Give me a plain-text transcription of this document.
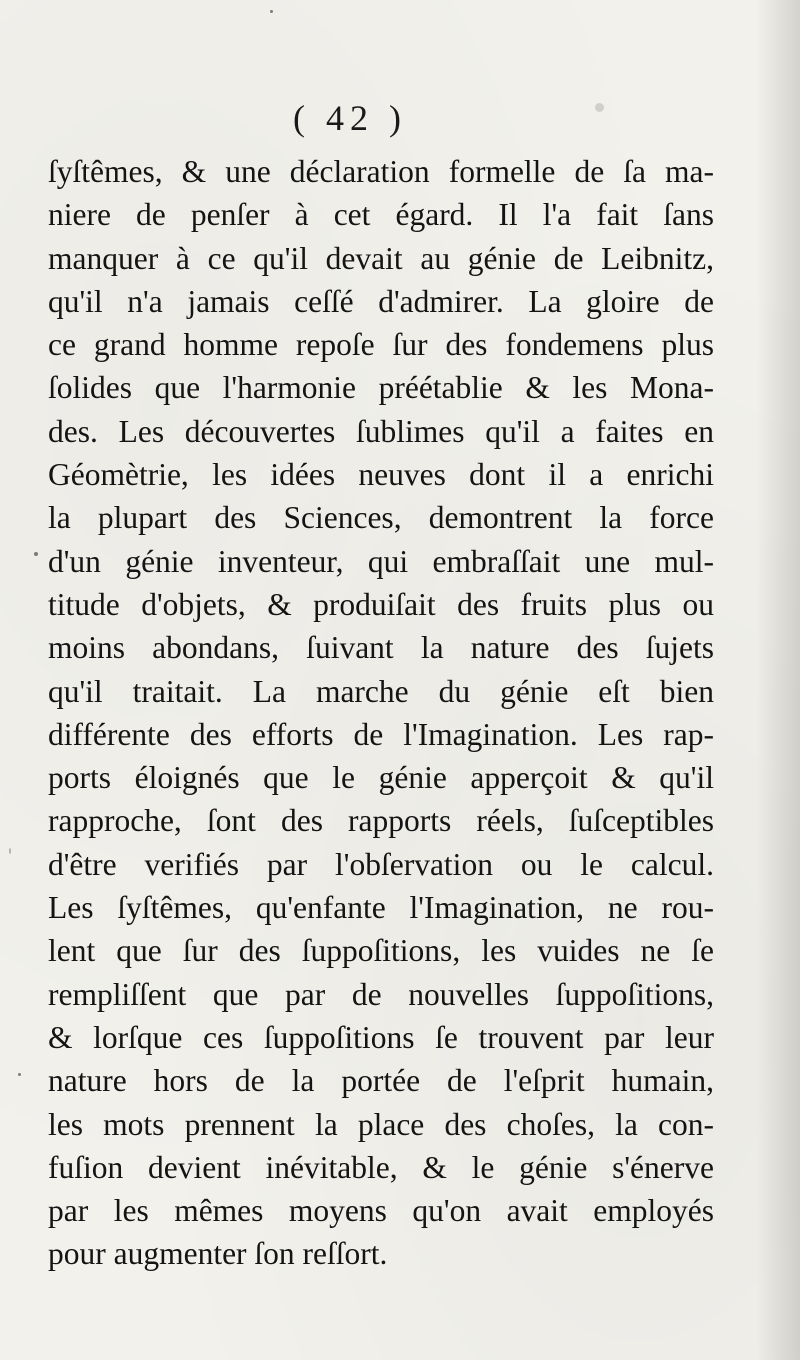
( 42 )
ſyſtêmes, & une déclaration formelle de ſa ma-
niere de penſer à cet égard. Il l'a fait ſans
manquer à ce qu'il devait au génie de Leibnitz,
qu'il n'a jamais ceſſé d'admirer. La gloire de
ce grand homme repoſe ſur des fondemens plus
ſolides que l'harmonie préétablie & les Mona-
des. Les découvertes ſublimes qu'il a faites en
Géomètrie, les idées neuves dont il a enrichi
la plupart des Sciences, demontrent la force
d'un génie inventeur, qui embraſſait une mul-
titude d'objets, & produiſait des fruits plus ou
moins abondans, ſuivant la nature des ſujets
qu'il traitait. La marche du génie eſt bien
différente des efforts de l'Imagination. Les rap-
ports éloignés que le génie apperçoit & qu'il
rapproche, ſont des rapports réels, ſuſceptibles
d'être verifiés par l'obſervation ou le calcul.
Les ſyſtêmes, qu'enfante l'Imagination, ne rou-
lent que ſur des ſuppoſitions, les vuides ne ſe
rempliſſent que par de nouvelles ſuppoſitions,
& lorſque ces ſuppoſitions ſe trouvent par leur
nature hors de la portée de l'eſprit humain,
les mots prennent la place des choſes, la con-
fuſion devient inévitable, & le génie s'énerve
par les mêmes moyens qu'on avait employés
pour augmenter ſon reſſort.
